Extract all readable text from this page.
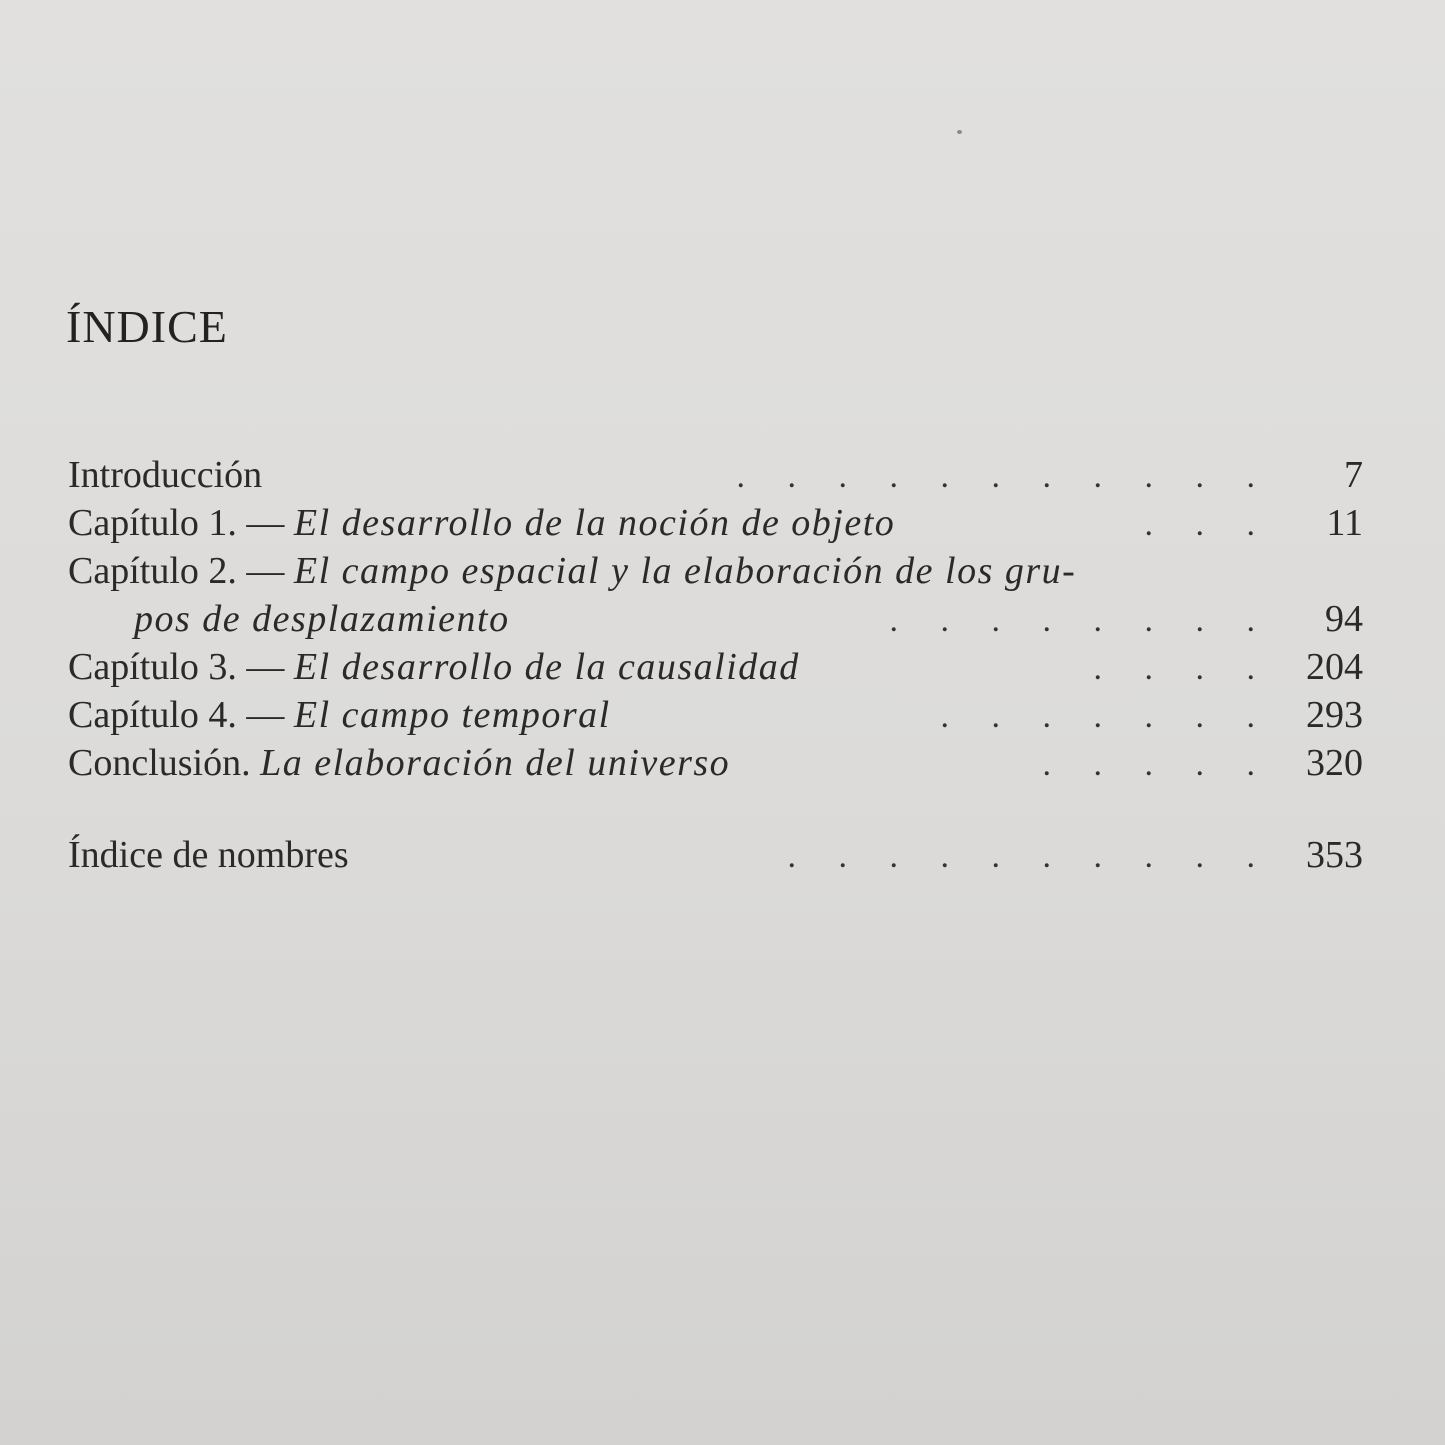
ÍNDICE
Introducción	.     .     .     .     .     .     .     .     .     .     .	7
Capítulo 1. — El desarrollo de la noción de objeto	.     .     .	11
Capítulo 2. — El campo espacial y la elaboración de los gru-
pos de desplazamiento	.     .     .     .     .     .     .     .	94
Capítulo 3. — El desarrollo de la causalidad	.     .     .     .	204
Capítulo 4. — El campo temporal	.     .     .     .     .     .     .	293
Conclusión. La elaboración del universo	.     .     .     .     .	320
Índice de nombres	.     .     .     .     .     .     .     .     .     .	353
